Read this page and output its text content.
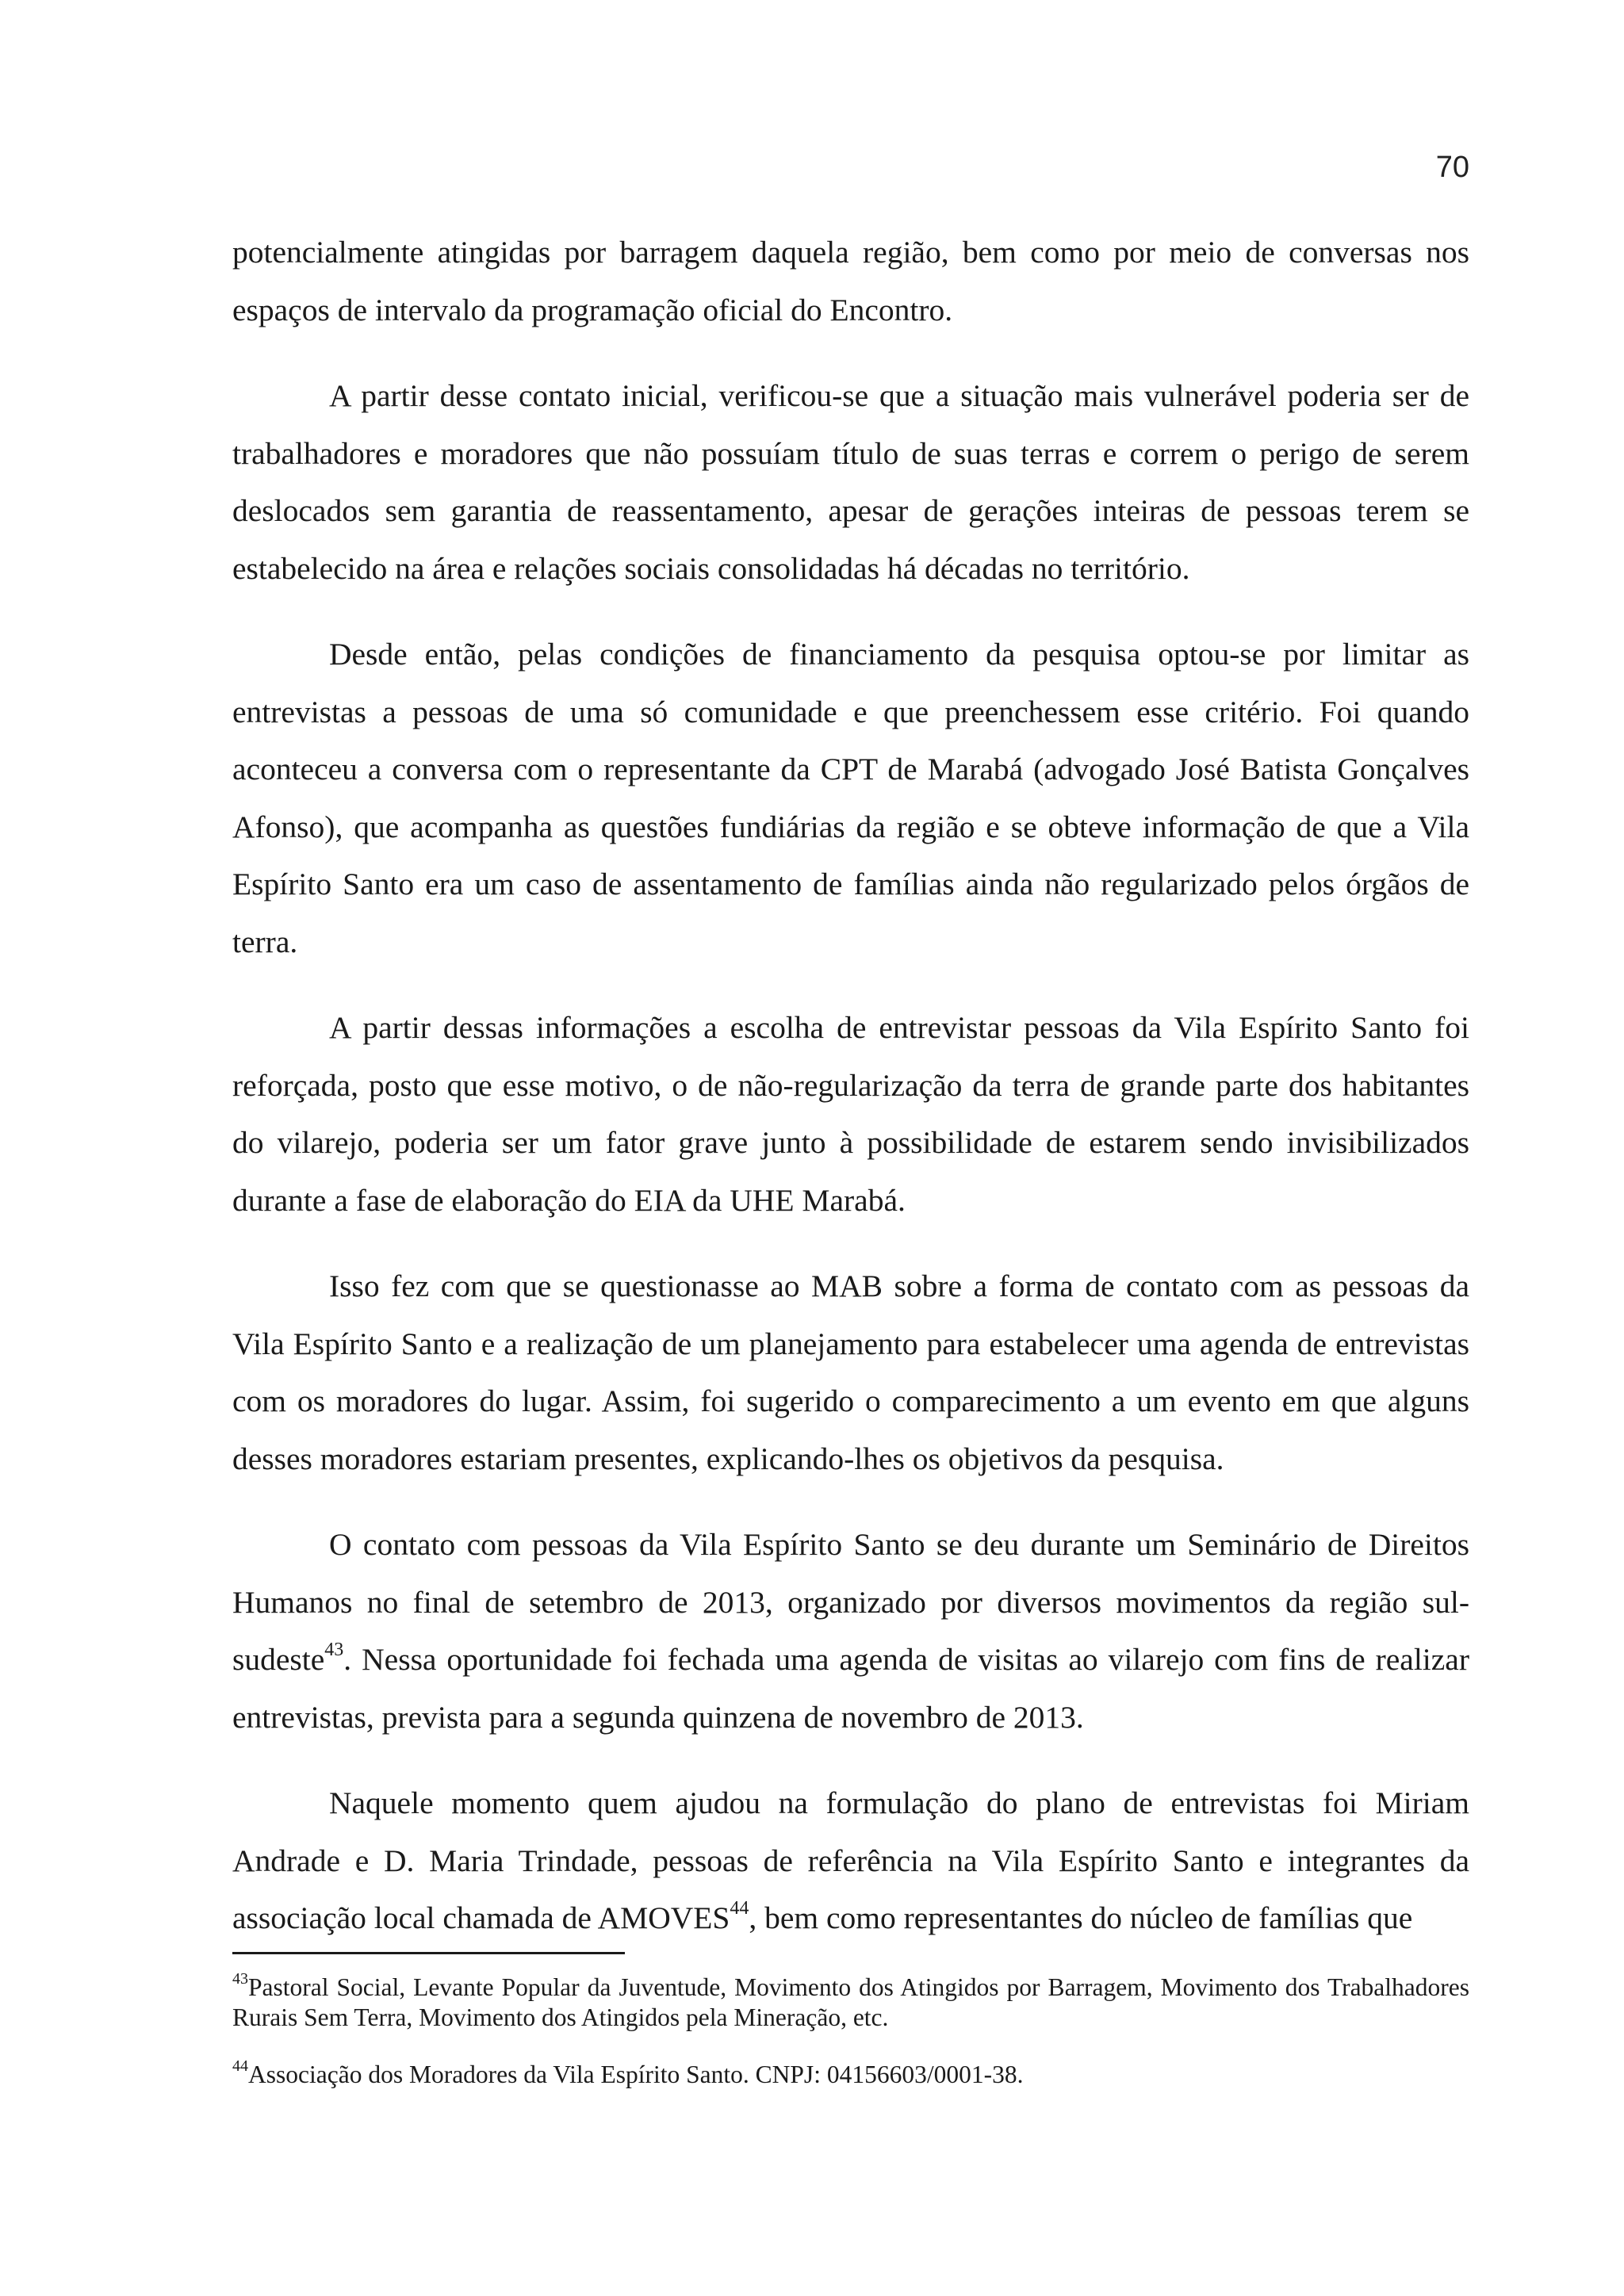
70

potencialmente atingidas por barragem daquela região, bem como por meio de conversas nos espaços de intervalo da programação oficial do Encontro.

A partir desse contato inicial, verificou-se que a situação mais vulnerável poderia ser de trabalhadores e moradores que não possuíam título de suas terras e correm o perigo de serem deslocados sem garantia de reassentamento, apesar de gerações inteiras de pessoas terem se estabelecido na área e relações sociais consolidadas há décadas no território.

Desde então, pelas condições de financiamento da pesquisa optou-se por limitar as entrevistas a pessoas de uma só comunidade e que preenchessem esse critério. Foi quando aconteceu a conversa com o representante da CPT de Marabá (advogado José Batista Gonçalves Afonso), que acompanha as questões fundiárias da região e se obteve informação de que a Vila Espírito Santo era um caso de assentamento de famílias ainda não regularizado pelos órgãos de terra.

A partir dessas informações a escolha de entrevistar pessoas da Vila Espírito Santo foi reforçada, posto que esse motivo, o de não-regularização da terra de grande parte dos habitantes do vilarejo, poderia ser um fator grave junto à possibilidade de estarem sendo invisibilizados durante a fase de elaboração do EIA da UHE Marabá.

Isso fez com que se questionasse ao MAB sobre a forma de contato com as pessoas da Vila Espírito Santo e a realização de um planejamento para estabelecer uma agenda de entrevistas com os moradores do lugar. Assim, foi sugerido o comparecimento a um evento em que alguns desses moradores estariam presentes, explicando-lhes os objetivos da pesquisa.

O contato com pessoas da Vila Espírito Santo se deu durante um Seminário de Direitos Humanos no final de setembro de 2013, organizado por diversos movimentos da região sul-sudeste$^{43}$. Nessa oportunidade foi fechada uma agenda de visitas ao vilarejo com fins de realizar entrevistas, prevista para a segunda quinzena de novembro de 2013.

Naquele momento quem ajudou na formulação do plano de entrevistas foi Miriam Andrade e D. Maria Trindade, pessoas de referência na Vila Espírito Santo e integrantes da associação local chamada de AMOVES$^{44}$, bem como representantes do núcleo de famílias que

$^{43}$Pastoral Social, Levante Popular da Juventude, Movimento dos Atingidos por Barragem, Movimento dos Trabalhadores Rurais Sem Terra, Movimento dos Atingidos pela Mineração, etc.
$^{44}$Associação dos Moradores da Vila Espírito Santo. CNPJ: 04156603/0001-38.
